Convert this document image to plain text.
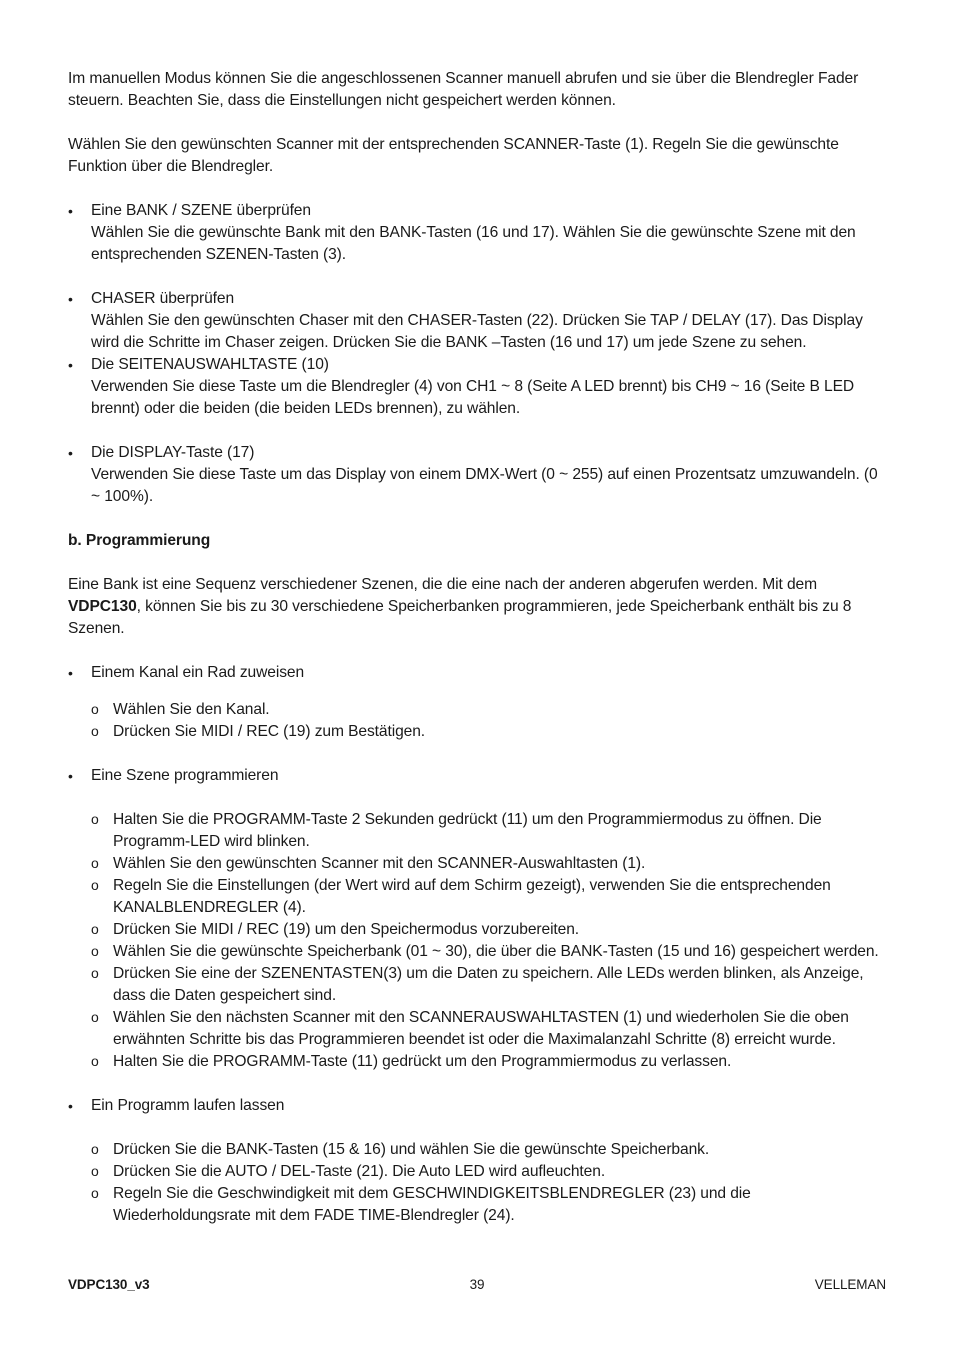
Im manuellen Modus können Sie die angeschlossenen Scanner manuell abrufen und sie über die Blendregler Fader steuern. Beachten Sie, dass die Einstellungen nicht gespeichert werden können.

Wählen Sie den gewünschten Scanner mit der entsprechenden SCANNER-Taste (1). Regeln Sie die gewünschte Funktion über die Blendregler.

• Eine BANK / SZENE überprüfen

Wählen Sie die gewünschte Bank mit den BANK-Tasten (16 und 17). Wählen Sie die gewünschte Szene mit den entsprechenden SZENEN-Tasten (3).

• CHASER überprüfen

Wählen Sie den gewünschten Chaser mit den CHASER-Tasten (22). Drücken Sie TAP / DELAY (17). Das Display wird die Schritte im Chaser zeigen. Drücken Sie die BANK –Tasten (16 und 17) um jede Szene zu sehen.

• Die SEITENAUSWAHLTASTE (10)

Verwenden Sie diese Taste um die Blendregler (4) von CH1 ~ 8 (Seite A LED brennt) bis CH9 ~ 16 (Seite B LED brennt) oder die beiden (die beiden LEDs brennen), zu wählen.

• Die DISPLAY-Taste (17)

Verwenden Sie diese Taste um das Display von einem DMX-Wert (0 ~ 255) auf einen Prozentsatz umzuwandeln. (0 ~ 100%).

b. Programmierung

Eine Bank ist eine Sequenz verschiedener Szenen, die die eine nach der anderen abgerufen werden. Mit dem VDPC130, können Sie bis zu 30 verschiedene Speicherbanken programmieren, jede Speicherbank enthält bis zu 8 Szenen.

• Einem Kanal ein Rad zuweisen

o Wählen Sie den Kanal.

o Drücken Sie MIDI / REC (19) zum Bestätigen.

• Eine Szene programmieren

o Halten Sie die PROGRAMM-Taste 2 Sekunden gedrückt (11) um den Programmiermodus zu öffnen. Die Programm-LED wird blinken.

o Wählen Sie den gewünschten Scanner mit den SCANNER-Auswahltasten (1).

o Regeln Sie die Einstellungen (der Wert wird auf dem Schirm gezeigt), verwenden Sie die entsprechenden KANALBLENDREGLER (4).

o Drücken Sie MIDI / REC (19) um den Speichermodus vorzubereiten.

o Wählen Sie die gewünschte Speicherbank (01 ~ 30), die über die BANK-Tasten (15 und 16) gespeichert werden.

o Drücken Sie eine der SZENENTASTEN(3) um die Daten zu speichern. Alle LEDs werden blinken, als Anzeige, dass die Daten gespeichert sind.

o Wählen Sie den nächsten Scanner mit den SCANNERAUSWAHLTASTEN (1) und wiederholen Sie die oben erwähnten Schritte bis das Programmieren beendet ist oder die Maximalanzahl Schritte (8) erreicht wurde.

o Halten Sie die PROGRAMM-Taste (11) gedrückt um den Programmiermodus zu verlassen.

• Ein Programm laufen lassen

o Drücken Sie die BANK-Tasten (15 & 16) und wählen Sie die gewünschte Speicherbank.

o Drücken Sie die AUTO / DEL-Taste (21). Die Auto LED wird aufleuchten.

o Regeln Sie die Geschwindigkeit mit dem GESCHWINDIGKEITSBLENDREGLER (23) und die Wiederholdungsrate mit dem FADE TIME-Blendregler (24).

VDPC130_v3	39	VELLEMAN
